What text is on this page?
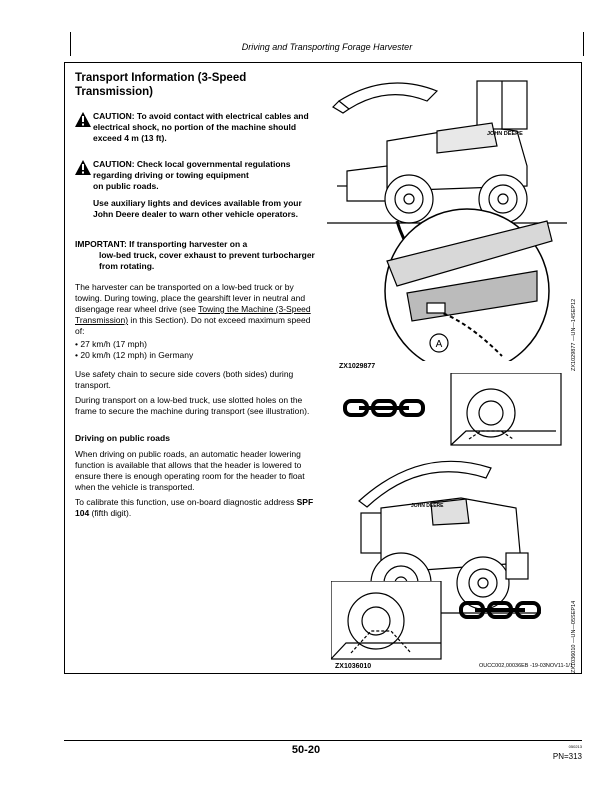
Driving and Transporting Forage Harvester
Transport Information (3-Speed Transmission)
CAUTION: To avoid contact with electrical cables and electrical shock, no portion of the machine should exceed 4 m (13 ft).
CAUTION: Check local governmental regulations regarding driving or towing equipment
on public roads.
Use auxiliary lights and devices available from your John Deere dealer to warn other vehicle operators.
IMPORTANT: If transporting harvester on a
low-bed truck, cover exhaust to prevent turbocharger from rotating.
The harvester can be transported on a low-bed truck or by towing. During towing, place the gearshift lever in neutral and disengage rear wheel drive (see Towing the Machine (3-Speed Transmission) in this Section). Do not exceed maximum speed of:
• 27 km/h (17 mph)
• 20 km/h (12 mph) in Germany
Use safety chain to secure side covers (both sides) during transport.
During transport on a low-bed truck, use slotted holes on the frame to secure the machine during transport (see illustration).
Driving on public roads
When driving on public roads, an automatic header lowering function is available that allows that the header is lowered to ensure there is enough operating room for the header to float when the vehicle is transported.
To calibrate this function, use on-board diagnostic address SPF 104 (fifth digit).
A
JOHN DEERE
ZX1029877	ZX1029877 —UN—14SEP12
JOHN DEERE
ZX1036010	ZX1036010 —UN—05SEP14
OUCC002,00036EB -19-03NOV11-1/1
50-20	050213
PN=313
